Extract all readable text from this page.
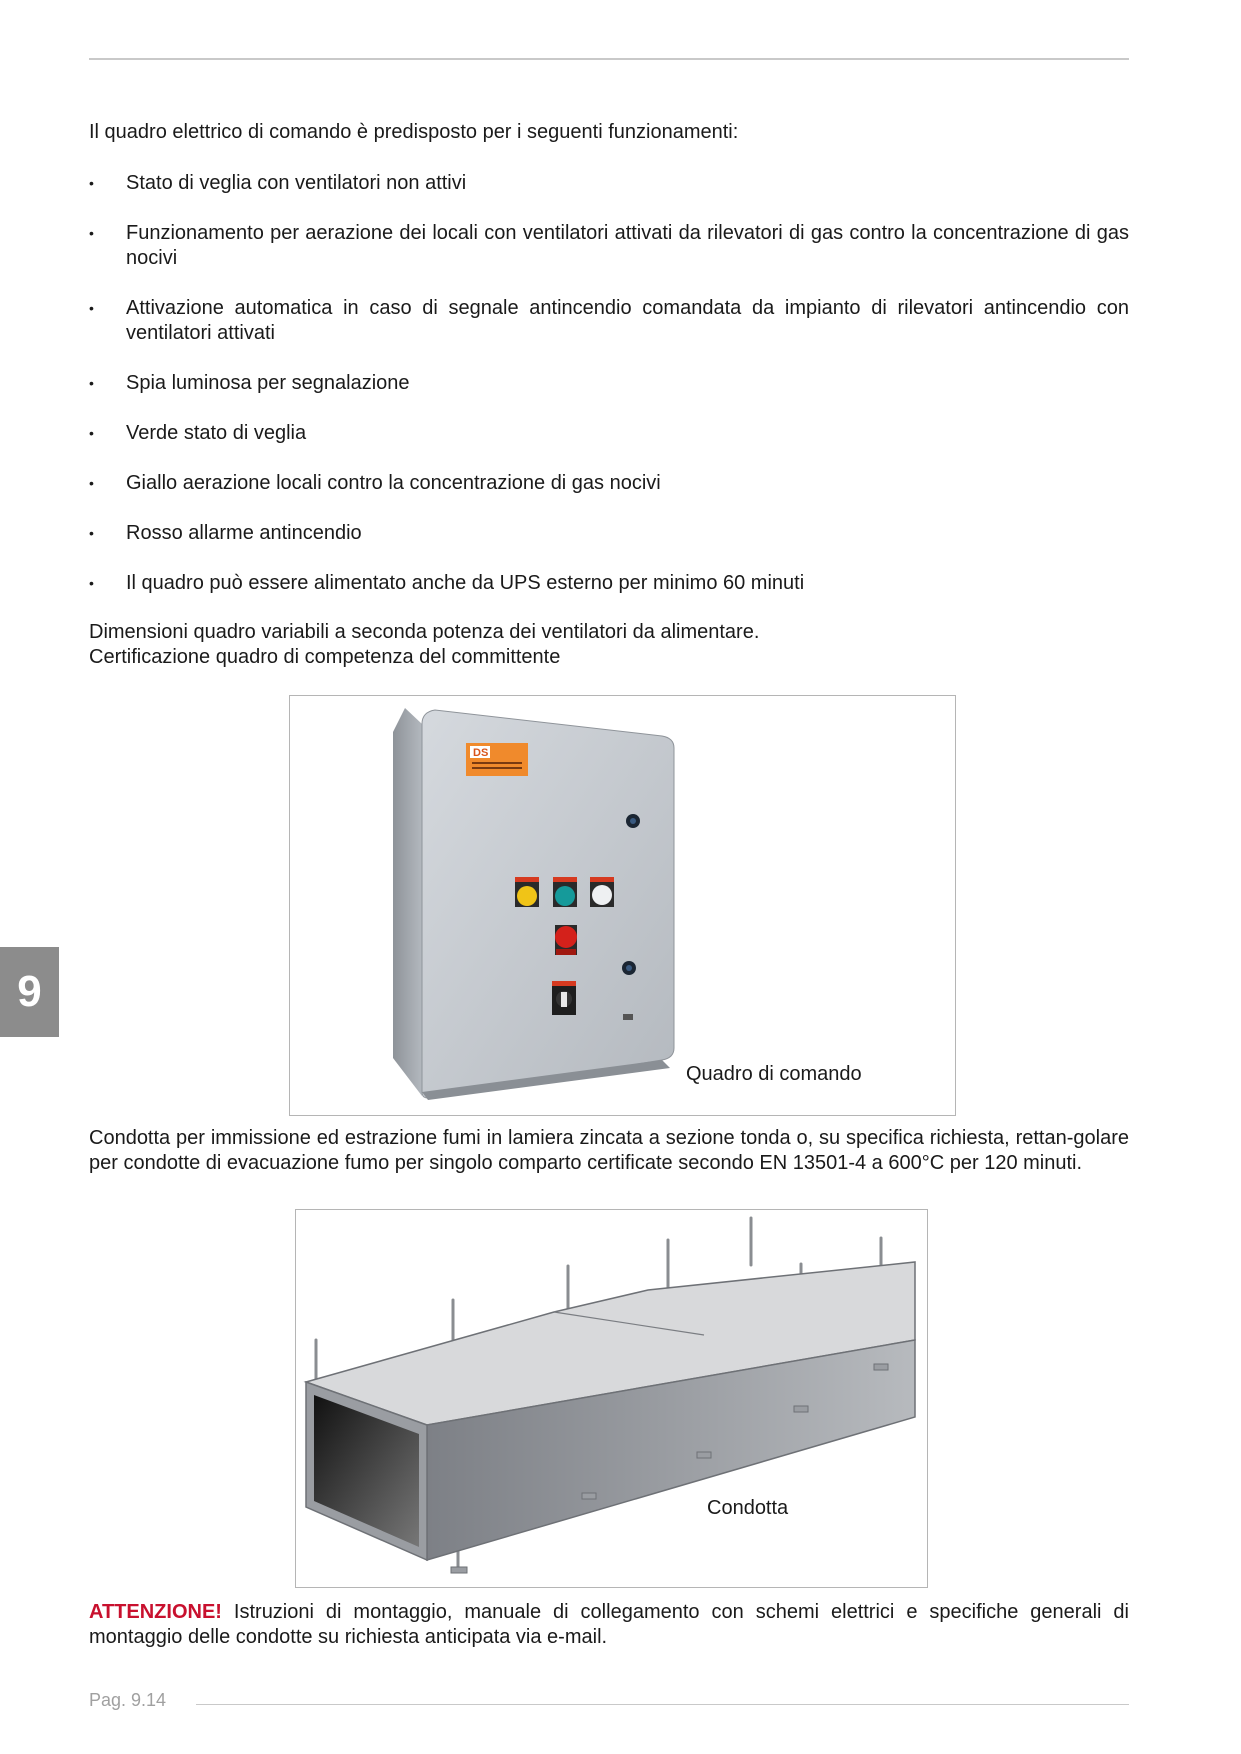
Il quadro elettrico di comando è predisposto per i seguenti funzionamenti:
• Stato di veglia con ventilatori non attivi
• Funzionamento per aerazione dei locali con ventilatori attivati da rilevatori di gas contro la concentrazione di gas nocivi
• Attivazione automatica in caso di segnale antincendio comandata da impianto di rilevatori antincendio con ventilatori attivati
• Spia luminosa per segnalazione
• Verde stato di veglia
• Giallo aerazione locali contro la concentrazione di gas nocivi
• Rosso allarme antincendio
• Il quadro può essere alimentato anche da UPS esterno per minimo 60 minuti
Dimensioni quadro variabili a seconda potenza dei ventilatori da alimentare.
Certificazione quadro di competenza del committente
DS
Quadro di comando
9
Condotta per immissione ed estrazione fumi in lamiera zincata a sezione tonda o, su specifica richiesta, rettan-golare per condotte di evacuazione fumo per singolo comparto certificate secondo EN 13501-4 a 600°C per 120 minuti.
Condotta
ATTENZIONE! Istruzioni di montaggio, manuale di collegamento con schemi elettrici e specifiche generali di montaggio delle condotte su richiesta anticipata via e-mail.
Pag. 9.14
